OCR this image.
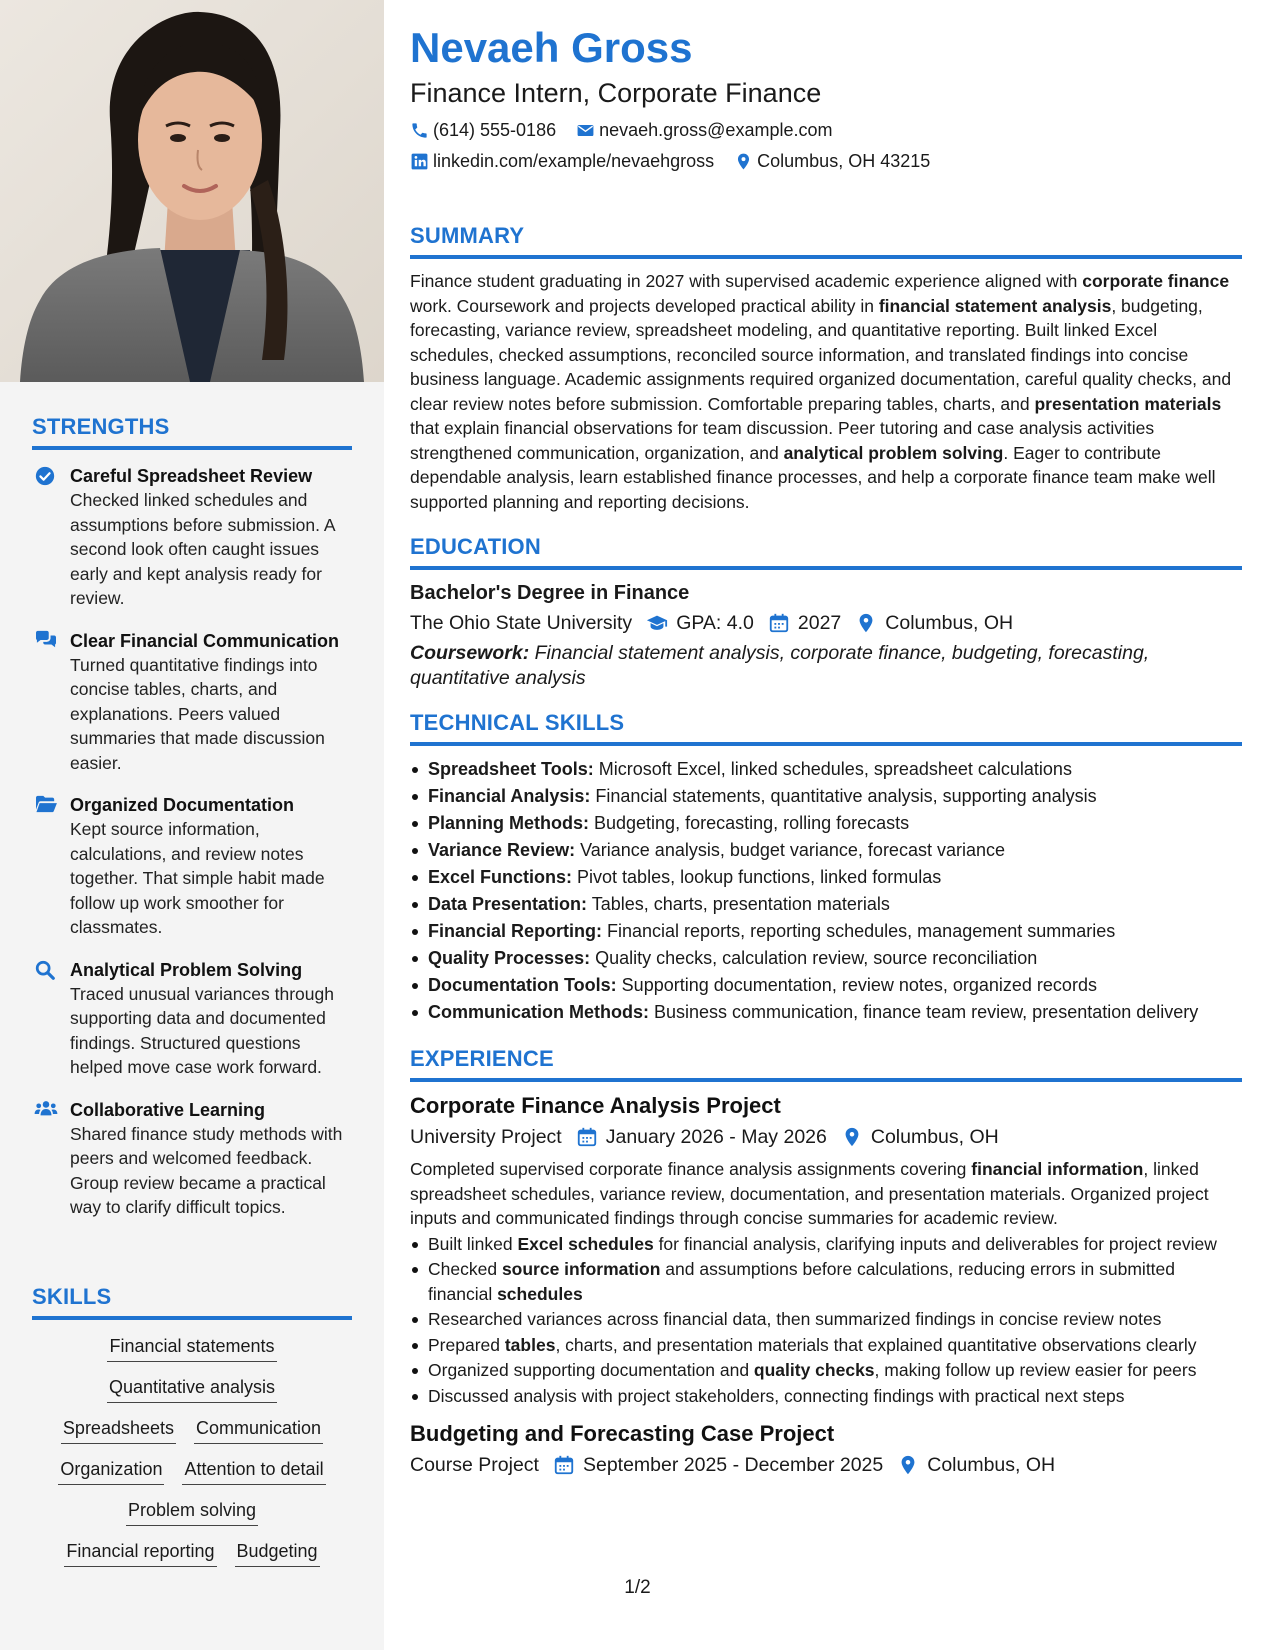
STRENGTHS
Careful Spreadsheet Review
Checked linked schedules and assumptions before submission. A second look often caught issues early and kept analysis ready for review.
Clear Financial Communication
Turned quantitative findings into concise tables, charts, and explanations. Peers valued summaries that made discussion easier.
Organized Documentation
Kept source information, calculations, and review notes together. That simple habit made follow up work smoother for classmates.
Analytical Problem Solving
Traced unusual variances through supporting data and documented findings. Structured questions helped move case work forward.
Collaborative Learning
Shared finance study methods with peers and welcomed feedback. Group review became a practical way to clarify difficult topics.
SKILLS
Financial statements
Quantitative analysis
Spreadsheets Communication
Organization Attention to detail
Problem solving
Financial reporting Budgeting
Nevaeh Gross
Finance Intern, Corporate Finance
(614) 555-0186 nevaeh.gross@example.com
linkedin.com/example/nevaehgross Columbus, OH 43215
SUMMARY

Finance student graduating in 2027 with supervised academic experience aligned with corporate finance work. Coursework and projects developed practical ability in financial statement analysis, budgeting, forecasting, variance review, spreadsheet modeling, and quantitative reporting. Built linked Excel schedules, checked assumptions, reconciled source information, and translated findings into concise business language. Academic assignments required organized documentation, careful quality checks, and clear review notes before submission. Comfortable preparing tables, charts, and presentation materials that explain financial observations for team discussion. Peer tutoring and case analysis activities strengthened communication, organization, and analytical problem solving. Eager to contribute dependable analysis, learn established finance processes, and help a corporate finance team make well supported planning and reporting decisions.

EDUCATION
Bachelor's Degree in Finance
The Ohio State University GPA: 4.0 2027 Columbus, OH
Coursework: Financial statement analysis, corporate finance, budgeting, forecasting, quantitative analysis
TECHNICAL SKILLS
Spreadsheet Tools: Microsoft Excel, linked schedules, spreadsheet calculations
Financial Analysis: Financial statements, quantitative analysis, supporting analysis
Planning Methods: Budgeting, forecasting, rolling forecasts
Variance Review: Variance analysis, budget variance, forecast variance
Excel Functions: Pivot tables, lookup functions, linked formulas
Data Presentation: Tables, charts, presentation materials
Financial Reporting: Financial reports, reporting schedules, management summaries
Quality Processes: Quality checks, calculation review, source reconciliation
Documentation Tools: Supporting documentation, review notes, organized records
Communication Methods: Business communication, finance team review, presentation delivery
EXPERIENCE
Corporate Finance Analysis Project
University Project January 2026 - May 2026 Columbus, OH

Completed supervised corporate finance analysis assignments covering financial information, linked spreadsheet schedules, variance review, documentation, and presentation materials. Organized project inputs and communicated findings through concise summaries for academic review.

Built linked Excel schedules for financial analysis, clarifying inputs and deliverables for project review
Checked source information and assumptions before calculations, reducing errors in submitted financial schedules
Researched variances across financial data, then summarized findings in concise review notes
Prepared tables, charts, and presentation materials that explained quantitative observations clearly
Organized supporting documentation and quality checks, making follow up review easier for peers
Discussed analysis with project stakeholders, connecting findings with practical next steps
Budgeting and Forecasting Case Project
Course Project September 2025 - December 2025 Columbus, OH
1/2
